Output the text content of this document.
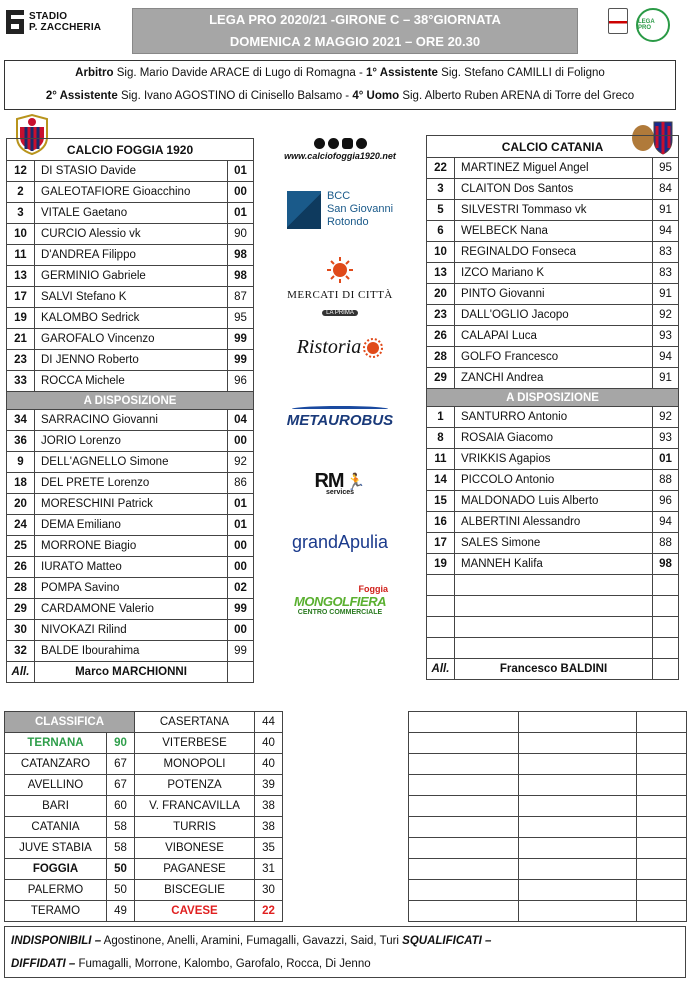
STADIO
P. ZACCHERIA
LEGA PRO 2020/21 -GIRONE C – 38°GIORNATA
DOMENICA 2 MAGGIO 2021 – ORE 20.30
LEGA PRO
Arbitro Sig. Mario Davide ARACE di Lugo di Romagna - 1° Assistente Sig. Stefano CAMILLI di Foligno
2° Assistente Sig. Ivano AGOSTINO di Cinisello Balsamo - 4° Uomo Sig. Alberto Ruben ARENA di Torre del Greco
CALCIO FOGGIA 1920		
12	DI STASIO Davide	01
2	GALEOTAFIORE Gioacchino	00
3	VITALE Gaetano	01
10	CURCIO Alessio vk	90
11	D'ANDREA Filippo	98
13	GERMINIO Gabriele	98
17	SALVI Stefano K	87
19	KALOMBO Sedrick	95
21	GAROFALO Vincenzo	99
23	DI JENNO Roberto	99
33	ROCCA Michele	96
A DISPOSIZIONE		
34	SARRACINO Giovanni	04
36	JORIO Lorenzo	00
9	DELL'AGNELLO Simone	92
18	DEL PRETE Lorenzo	86
20	MORESCHINI Patrick	01
24	DEMA Emiliano	01
25	MORRONE Biagio	00
26	IURATO Matteo	00
28	POMPA Savino	02
29	CARDAMONE Valerio	99
30	NIVOKAZI Rilind	00
32	BALDE Ibourahima	99
All.	Marco MARCHIONNI	
CALCIO CATANIA		
22	MARTINEZ Miguel Angel	95
3	CLAITON Dos Santos	84
5	SILVESTRI Tommaso vk	91
6	WELBECK Nana	94
10	REGINALDO Fonseca	83
13	IZCO Mariano K	83
20	PINTO Giovanni	91
23	DALL'OGLIO Jacopo	92
26	CALAPAI Luca	93
28	GOLFO Francesco	94
29	ZANCHI Andrea	91
A DISPOSIZIONE		
1	SANTURRO Antonio	92
8	ROSAIA Giacomo	93
11	VRIKKIS Agapios	01
14	PICCOLO Antonio	88
15	MALDONADO Luis Alberto	96
16	ALBERTINI Alessandro	94
17	SALES Simone	88
19	MANNEH Kalifa	98

All.	Francesco BALDINI	
www.calciofoggia1920.net
BCC
San Giovanni
Rotondo
MERCATI DI CITTÀ
LA PRIMA
Ristoria
METAUROBUS
RM 🏃
services
grandApulia
Foggia
MONGOLFIERA
CENTRO COMMERCIALE
CLASSIFICA		CASERTANA	44
TERNANA	90	VITERBESE	40
CATANZARO	67	MONOPOLI	40
AVELLINO	67	POTENZA	39
BARI	60	V. FRANCAVILLA	38
CATANIA	58	TURRIS	38
JUVE STABIA	58	VIBONESE	35
FOGGIA	50	PAGANESE	31
PALERMO	50	BISCEGLIE	30
TERAMO	49	CAVESE	22

INDISPONIBILI – Agostinone, Anelli, Aramini, Fumagalli, Gavazzi, Said, Turi SQUALIFICATI –
DIFFIDATI – Fumagalli, Morrone, Kalombo, Garofalo, Rocca, Di Jenno
